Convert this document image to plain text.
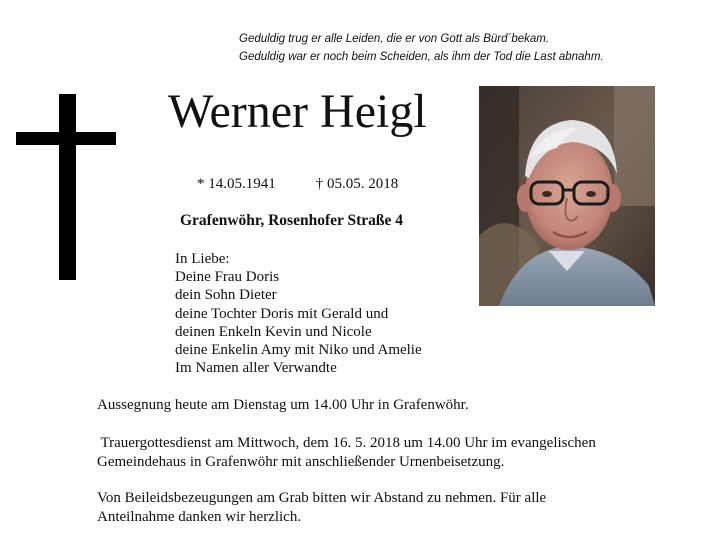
Geduldig trug er alle Leiden, die er von Gott als Bürd´bekam.
Geduldig war er noch beim Scheiden, als ihm der Tod die Last abnahm.
Werner Heigl
* 14.05.1941	† 05.05. 2018
Grafenwöhr, Rosenhofer Straße 4
In Liebe:
Deine Frau Doris
dein Sohn Dieter
deine Tochter Doris mit Gerald und
deinen Enkeln Kevin und Nicole
deine Enkelin Amy mit Niko und Amelie
Im Namen aller Verwandte
Aussegnung heute am Dienstag um 14.00 Uhr in Grafenwöhr.
Trauergottesdienst am Mittwoch, dem 16. 5. 2018 um 14.00 Uhr im evangelischen
Gemeindehaus in Grafenwöhr mit anschließender Urnenbeisetzung.
Von Beileidsbezeugungen am Grab bitten wir Abstand zu nehmen. Für alle
Anteilnahme danken wir herzlich.
